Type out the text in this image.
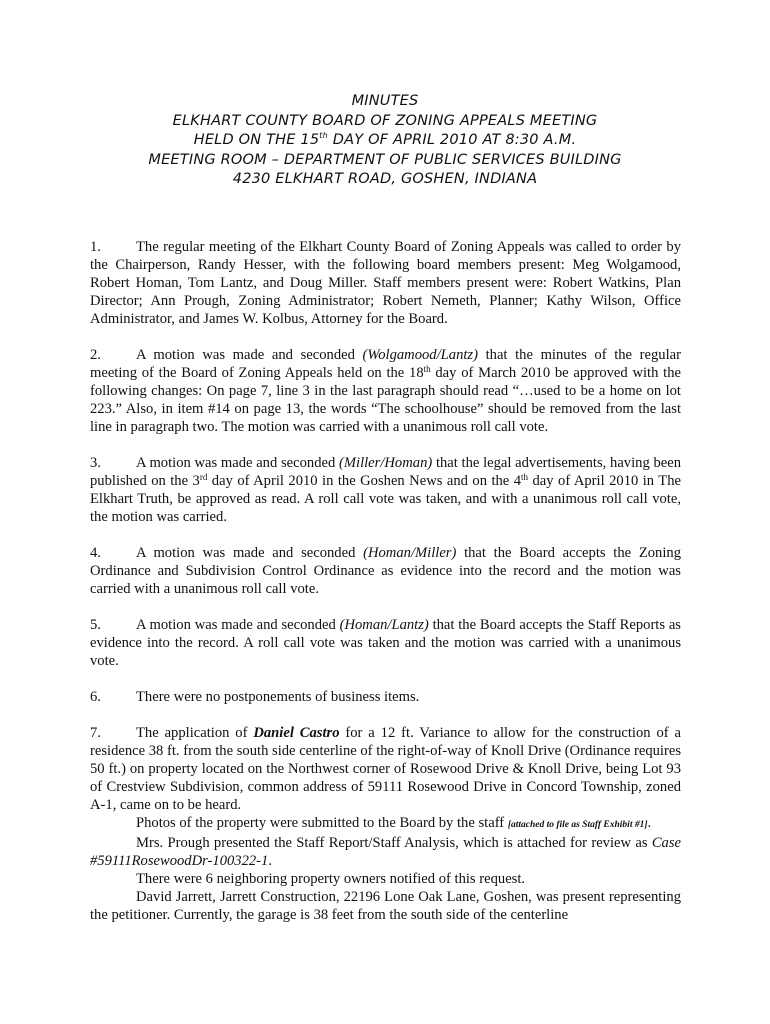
MINUTES
ELKHART COUNTY BOARD OF ZONING APPEALS MEETING
HELD ON THE 15th DAY OF APRIL 2010 AT 8:30 A.M.
MEETING ROOM – DEPARTMENT OF PUBLIC SERVICES BUILDING
4230 ELKHART ROAD, GOSHEN, INDIANA

1. The regular meeting of the Elkhart County Board of Zoning Appeals was called to order by the Chairperson, Randy Hesser, with the following board members present: Meg Wolgamood, Robert Homan, Tom Lantz, and Doug Miller. Staff members present were: Robert Watkins, Plan Director; Ann Prough, Zoning Administrator; Robert Nemeth, Planner; Kathy Wilson, Office Administrator, and James W. Kolbus, Attorney for the Board.

2. A motion was made and seconded (Wolgamood/Lantz) that the minutes of the regular meeting of the Board of Zoning Appeals held on the 18th day of March 2010 be approved with the following changes: On page 7, line 3 in the last paragraph should read “…used to be a home on lot 223.” Also, in item #14 on page 13, the words “The schoolhouse” should be removed from the last line in paragraph two. The motion was carried with a unanimous roll call vote.

3. A motion was made and seconded (Miller/Homan) that the legal advertisements, having been published on the 3rd day of April 2010 in the Goshen News and on the 4th day of April 2010 in The Elkhart Truth, be approved as read. A roll call vote was taken, and with a unanimous roll call vote, the motion was carried.

4. A motion was made and seconded (Homan/Miller) that the Board accepts the Zoning Ordinance and Subdivision Control Ordinance as evidence into the record and the motion was carried with a unanimous roll call vote.

5. A motion was made and seconded (Homan/Lantz) that the Board accepts the Staff Reports as evidence into the record. A roll call vote was taken and the motion was carried with a unanimous vote.

6. There were no postponements of business items.

7. The application of Daniel Castro for a 12 ft. Variance to allow for the construction of a residence 38 ft. from the south side centerline of the right-of-way of Knoll Drive (Ordinance requires 50 ft.) on property located on the Northwest corner of Rosewood Drive & Knoll Drive, being Lot 93 of Crestview Subdivision, common address of 59111 Rosewood Drive in Concord Township, zoned A-1, came on to be heard.

Photos of the property were submitted to the Board by the staff [attached to file as Staff Exhibit #1].

Mrs. Prough presented the Staff Report/Staff Analysis, which is attached for review as Case #59111RosewoodDr-100322-1.

There were 6 neighboring property owners notified of this request.

David Jarrett, Jarrett Construction, 22196 Lone Oak Lane, Goshen, was present representing the petitioner. Currently, the garage is 38 feet from the south side of the centerline
